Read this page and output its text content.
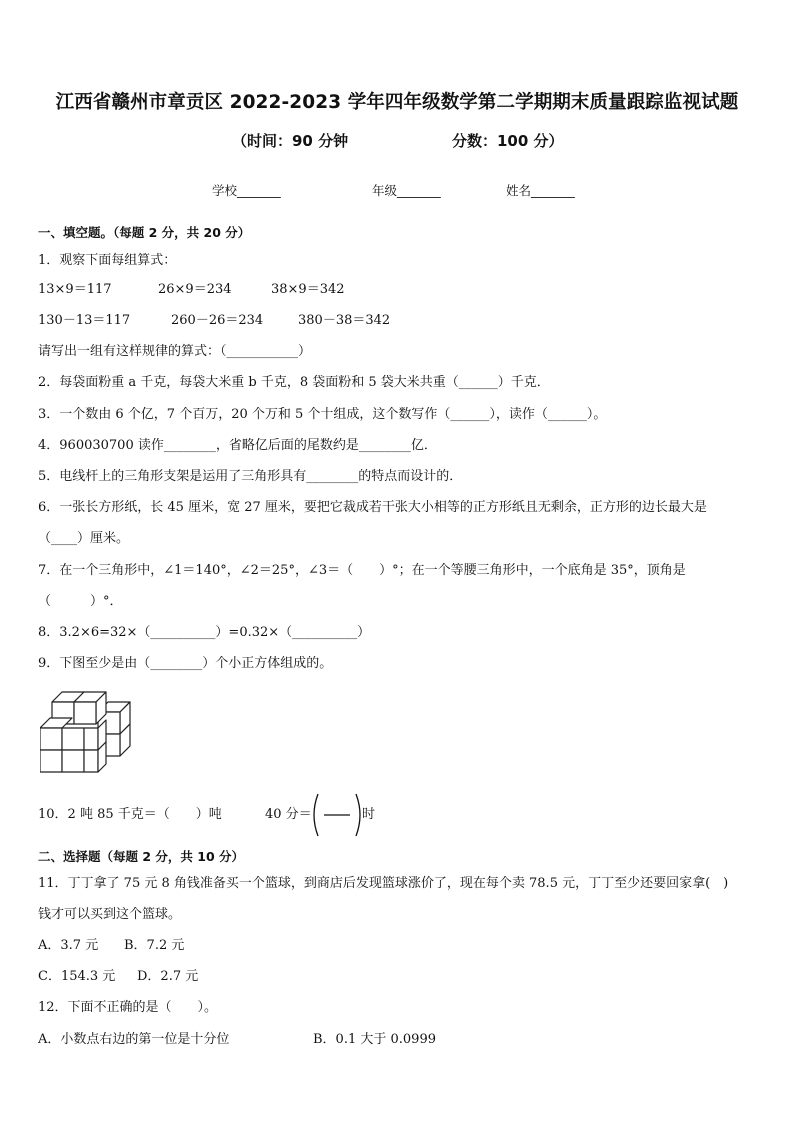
江西省赣州市章贡区 2022-2023 学年四年级数学第二学期期末质量跟踪监视试题
（时间：90 分钟	分数：100 分）
学校_______	年级_______	姓名_______
一、填空题。（每题 2 分，共 20 分）
1．观察下面每组算式：
13×9＝117	26×9＝234	38×9＝342
130－13＝117	260－26＝234	380－38＝342
请写出一组有这样规律的算式：（___________）
2．每袋面粉重 a 千克，每袋大米重 b 千克，8 袋面粉和 5 袋大米共重（______）千克．
3．一个数由 6 个亿，7 个百万，20 个万和 5 个十组成，这个数写作（______），读作（______）。
4．960030700 读作________，省略亿后面的尾数约是________亿．
5．电线杆上的三角形支架是运用了三角形具有________的特点而设计的．
6．一张长方形纸，长 45 厘米，宽 27 厘米，要把它裁成若干张大小相等的正方形纸且无剩余，正方形的边长最大是
（____）厘米。
7．在一个三角形中，∠1＝140°，∠2＝25°，∠3＝（　　）°；在一个等腰三角形中，一个底角是 35°，顶角是
（　　　）°．
8．3.2×6=32×（__________）=0.32×（__________）
9．下图至少是由（________）个小正方体组成的。
10．2 吨 85 千克＝（　　）吨	40 分＝	时
二、选择题（每题 2 分，共 10 分）
11．丁丁拿了 75 元 8 角钱准备买一个篮球，到商店后发现篮球涨价了，现在每个卖 78.5 元，丁丁至少还要回家拿(　)
钱才可以买到这个篮球。
A．3.7 元 B．7.2 元
C．154.3 元 D．2.7 元
12．下面不正确的是（　　）。
A．小数点右边的第一位是十分位	B．0.1 大于 0.0999
